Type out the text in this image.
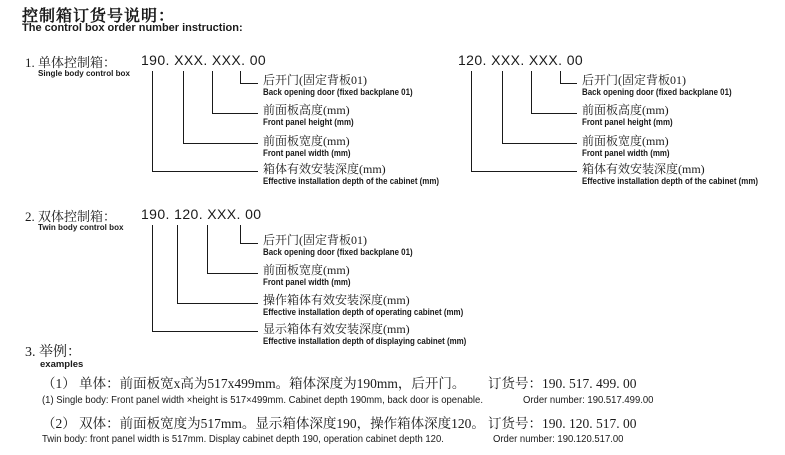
控制箱订货号说明：
The control box order number instruction:
1. 单体控制箱：
Single body control box
190. XXX. XXX. 00	120. XXX. XXX. 00
后开门(固定背板01)
Back opening door (fixed backplane 01)
前面板高度(mm)
Front panel height (mm)
前面板宽度(mm)
Front panel width (mm)
箱体有效安装深度(mm)
Effective installation depth of the cabinet (mm)
后开门(固定背板01)
Back opening door (fixed backplane 01)
前面板高度(mm)
Front panel height (mm)
前面板宽度(mm)
Front panel width (mm)
箱体有效安装深度(mm)
Effective installation depth of the cabinet (mm)
2. 双体控制箱：
Twin body control box
190. 120. XXX. 00
后开门(固定背板01)
Back opening door (fixed backplane 01)
前面板宽度(mm)
Front panel width (mm)
操作箱体有效安装深度(mm)
Effective installation depth of operating cabinet (mm)
显示箱体有效安装深度(mm)
Effective installation depth of displaying cabinet (mm)
3. 举例：
examples
（1） 单体：前面板宽x高为517x499mm。箱体深度为190mm，后开门。 订货号：190. 517. 499. 00
(1) Single body: Front panel width ×height is 517×499mm. Cabinet depth 190mm, back door is openable.	Order number: 190.517.499.00
（2） 双体：前面板宽度为517mm。显示箱体深度190，操作箱体深度120。 订货号：190. 120. 517. 00
Twin body: front panel width is 517mm. Display cabinet depth 190, operation cabinet depth 120.	Order number: 190.120.517.00
